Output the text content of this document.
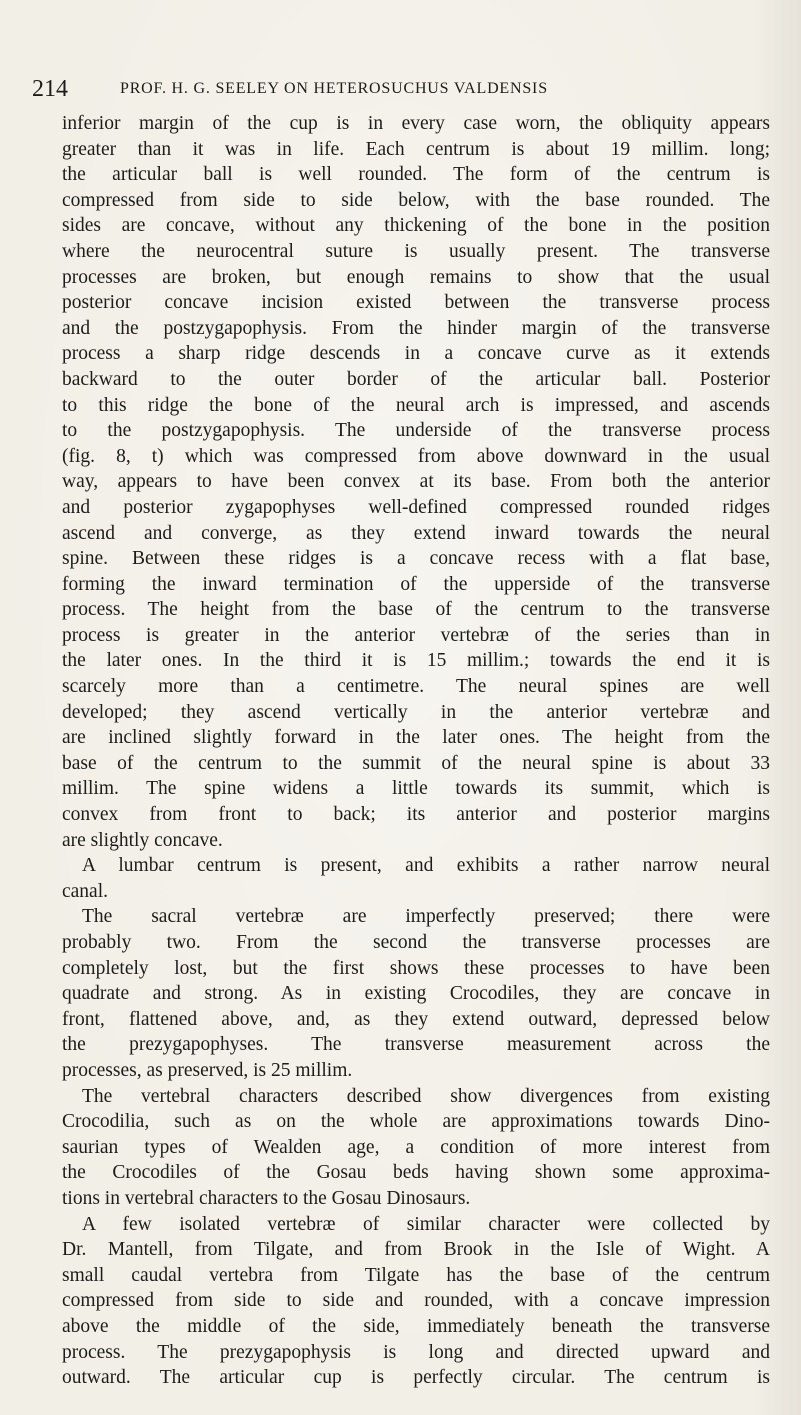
214	PROF. H. G. SEELEY ON HETEROSUCHUS VALDENSIS
inferior margin of the cup is in every case worn, the obliquity appears
greater than it was in life. Each centrum is about 19 millim. long;
the articular ball is well rounded. The form of the centrum is
compressed from side to side below, with the base rounded. The
sides are concave, without any thickening of the bone in the position
where the neurocentral suture is usually present. The transverse
processes are broken, but enough remains to show that the usual
posterior concave incision existed between the transverse process
and the postzygapophysis. From the hinder margin of the transverse
process a sharp ridge descends in a concave curve as it extends
backward to the outer border of the articular ball. Posterior
to this ridge the bone of the neural arch is impressed, and ascends
to the postzygapophysis. The underside of the transverse process
(fig. 8, t) which was compressed from above downward in the usual
way, appears to have been convex at its base. From both the anterior
and posterior zygapophyses well-defined compressed rounded ridges
ascend and converge, as they extend inward towards the neural
spine. Between these ridges is a concave recess with a flat base,
forming the inward termination of the upperside of the transverse
process. The height from the base of the centrum to the transverse
process is greater in the anterior vertebræ of the series than in
the later ones. In the third it is 15 millim.; towards the end it is
scarcely more than a centimetre. The neural spines are well
developed; they ascend vertically in the anterior vertebræ and
are inclined slightly forward in the later ones. The height from the
base of the centrum to the summit of the neural spine is about 33
millim. The spine widens a little towards its summit, which is
convex from front to back; its anterior and posterior margins
are slightly concave.
A lumbar centrum is present, and exhibits a rather narrow neural
canal.
The sacral vertebræ are imperfectly preserved; there were
probably two. From the second the transverse processes are
completely lost, but the first shows these processes to have been
quadrate and strong. As in existing Crocodiles, they are concave in
front, flattened above, and, as they extend outward, depressed below
the prezygapophyses. The transverse measurement across the
processes, as preserved, is 25 millim.
The vertebral characters described show divergences from existing
Crocodilia, such as on the whole are approximations towards Dino-
saurian types of Wealden age, a condition of more interest from
the Crocodiles of the Gosau beds having shown some approxima-
tions in vertebral characters to the Gosau Dinosaurs.
A few isolated vertebræ of similar character were collected by
Dr. Mantell, from Tilgate, and from Brook in the Isle of Wight. A
small caudal vertebra from Tilgate has the base of the centrum
compressed from side to side and rounded, with a concave impression
above the middle of the side, immediately beneath the transverse
process. The prezygapophysis is long and directed upward and
outward. The articular cup is perfectly circular. The centrum is
